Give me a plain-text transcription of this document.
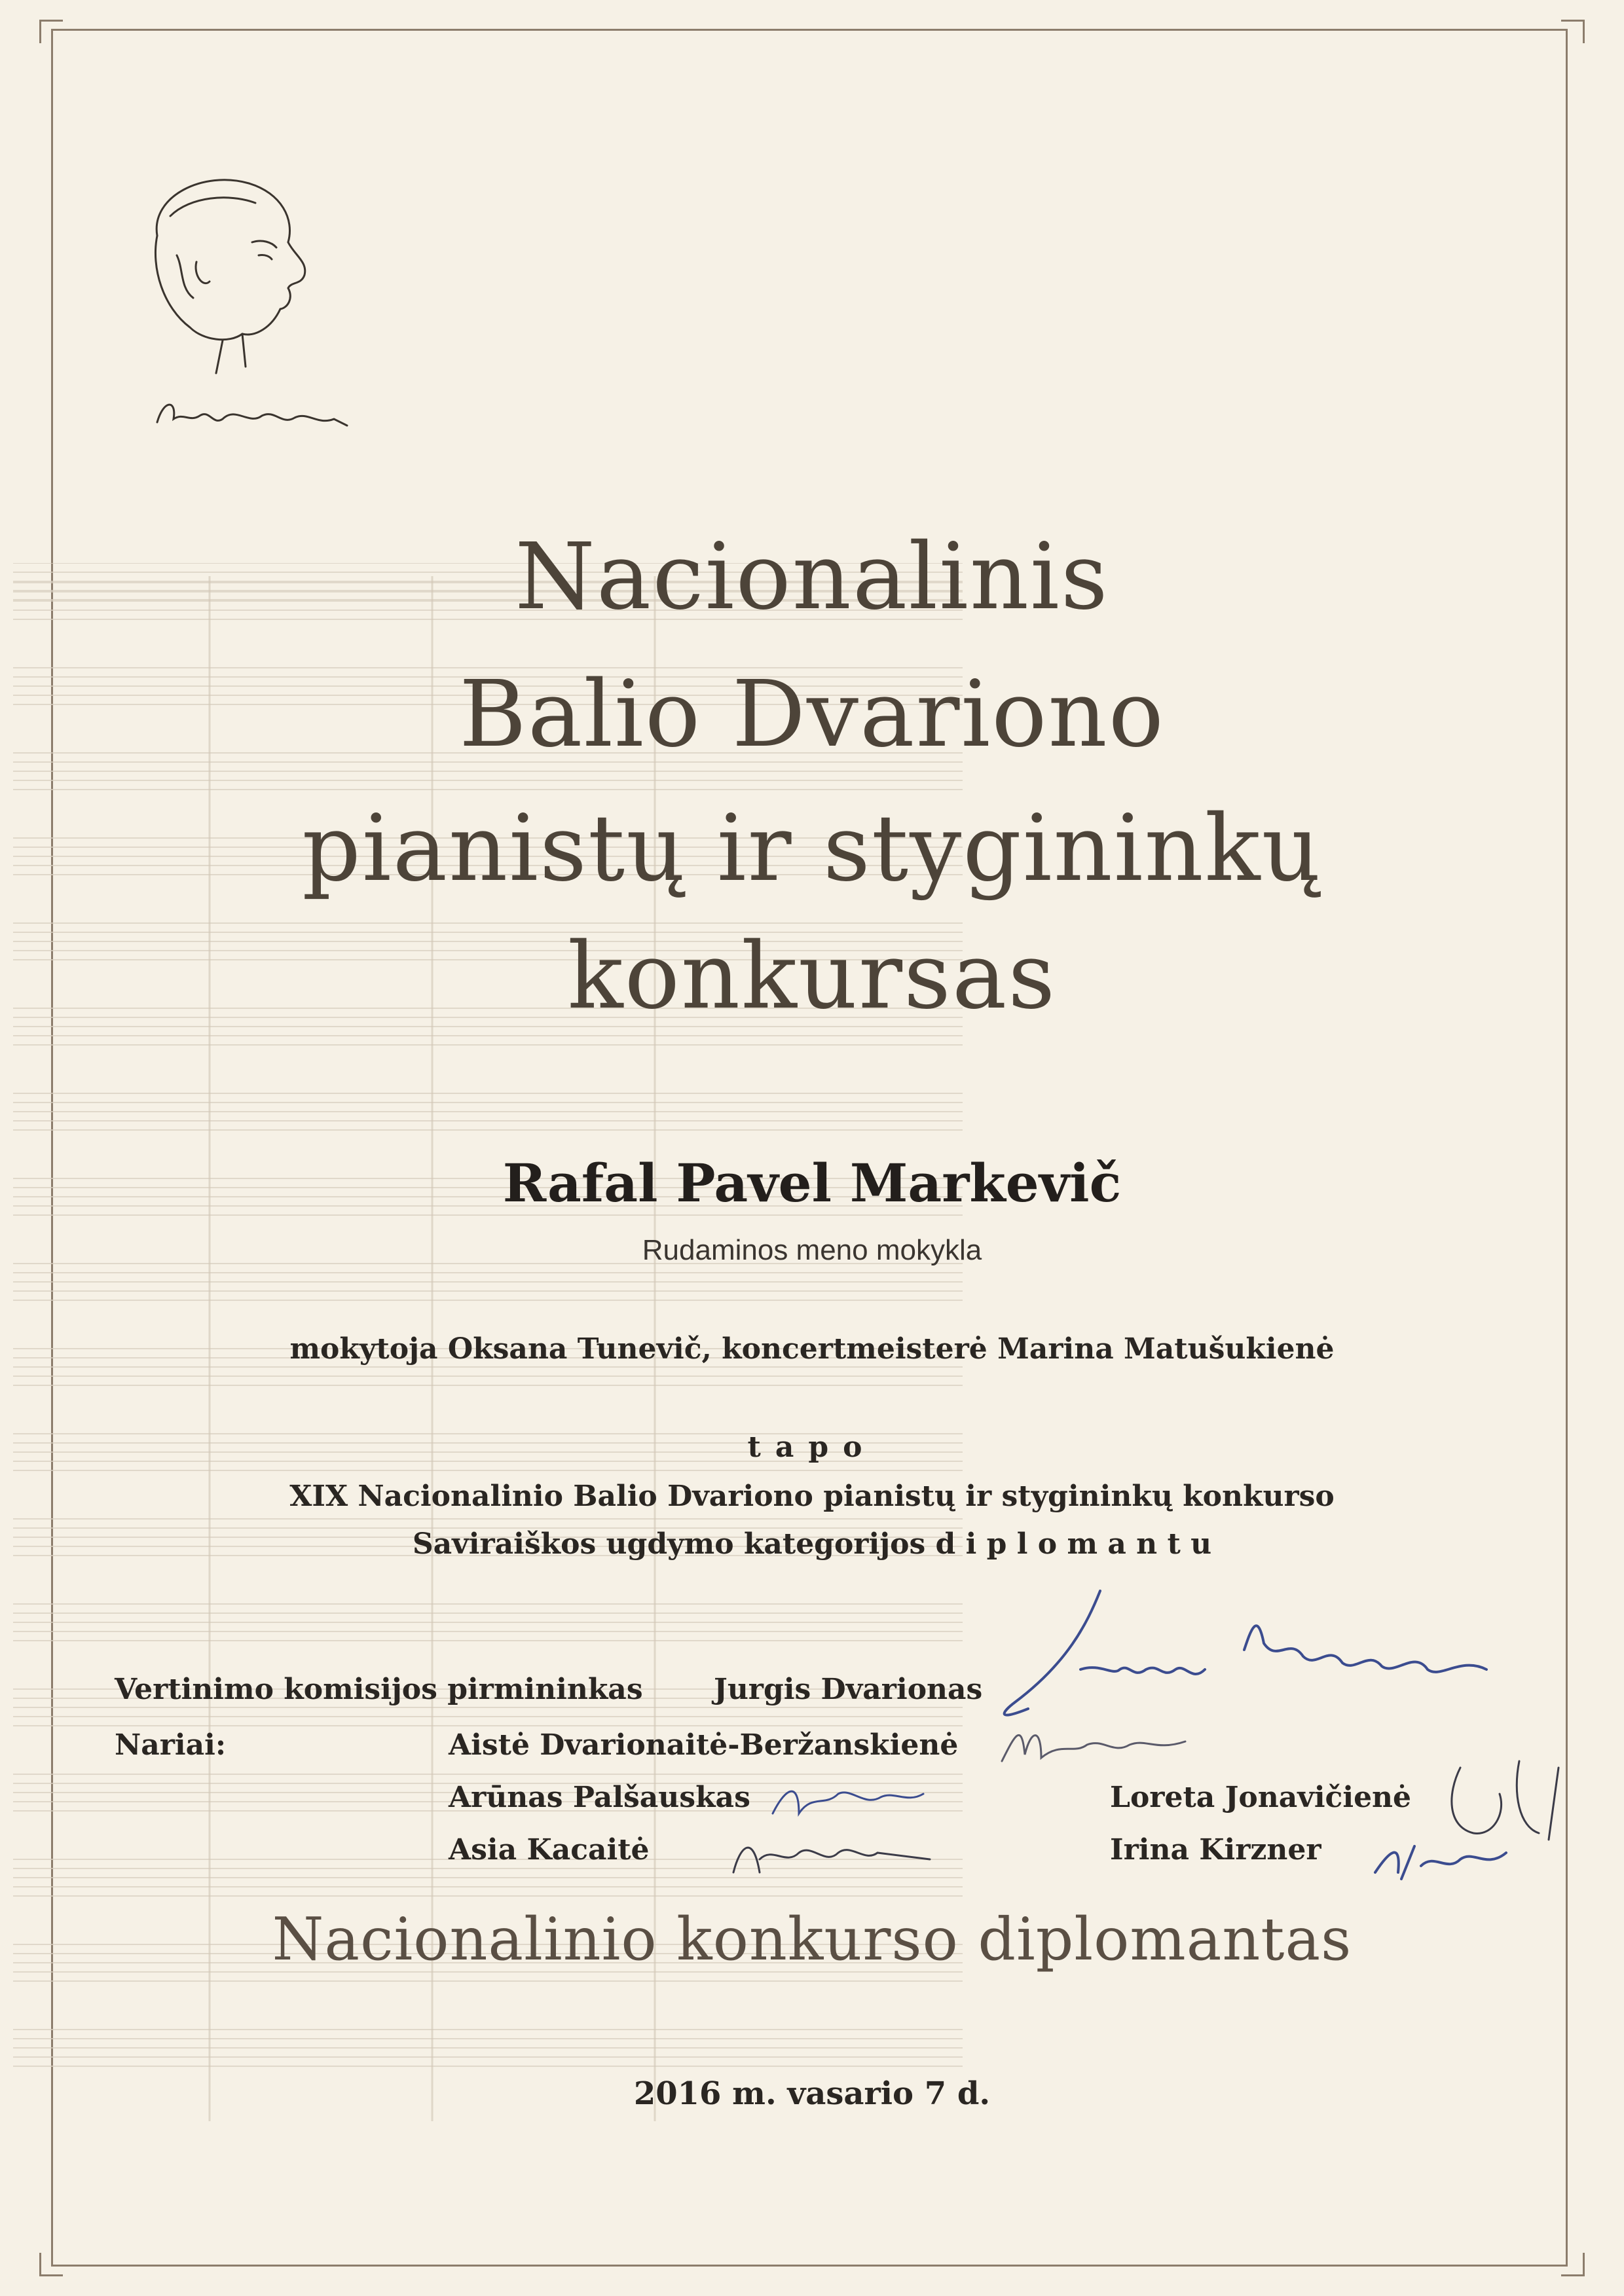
Nacionalinis
Balio Dvariono
pianistų ir stygininkų
konkursas
Rafal Pavel Markevič
Rudaminos meno mokykla
mokytoja Oksana Tunevič, koncertmeisterė Marina Matušukienė
tapo
XIX Nacionalinio Balio Dvariono pianistų ir stygininkų konkurso
Saviraiškos ugdymo kategorijos d i p l o m a n t u
Vertinimo komisijos pirmininkas Jurgis Dvarionas
Nariai:	Aistė Dvarionaitė-Beržanskienė
Arūnas Palšauskas
Asia Kacaitė
Loreta Jonavičienė
Irina Kirzner
Nacionalinio konkurso diplomantas
2016 m. vasario 7 d.
